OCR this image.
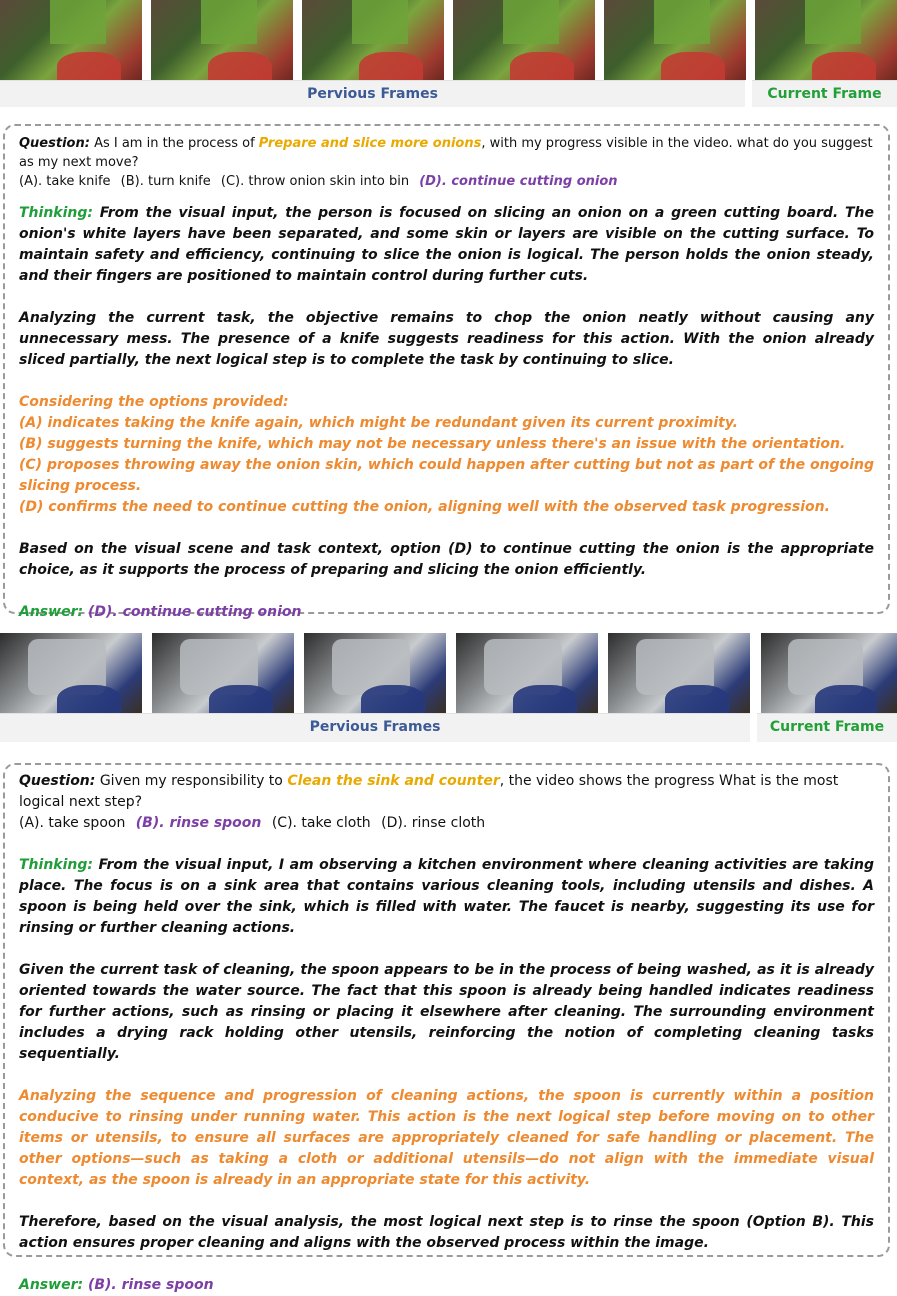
Pervious Frames	Current Frame

Question: As I am in the process of Prepare and slice more onions, with my progress visible in the video. what do you suggest as my next move?

(A). take knife (B). turn knife (C). throw onion skin into bin (D). continue cutting onion

Thinking: From the visual input, the person is focused on slicing an onion on a green cutting board. The onion's white layers have been separated, and some skin or layers are visible on the cutting surface. To maintain safety and efficiency, continuing to slice the onion is logical. The person holds the onion steady, and their fingers are positioned to maintain control during further cuts.

Analyzing the current task, the objective remains to chop the onion neatly without causing any unnecessary mess. The presence of a knife suggests readiness for this action. With the onion already sliced partially, the next logical step is to complete the task by continuing to slice.

Considering the options provided:

(A) indicates taking the knife again, which might be redundant given its current proximity.

(B) suggests turning the knife, which may not be necessary unless there's an issue with the orientation.

(C) proposes throwing away the onion skin, which could happen after cutting but not as part of the ongoing slicing process.

(D) confirms the need to continue cutting the onion, aligning well with the observed task progression.

Based on the visual scene and task context, option (D) to continue cutting the onion is the appropriate choice, as it supports the process of preparing and slicing the onion efficiently.

Answer: (D). continue cutting onion

Pervious Frames	Current Frame

Question: Given my responsibility to Clean the sink and counter, the video shows the progress What is the most logical next step?

(A). take spoon (B). rinse spoon (C). take cloth (D). rinse cloth

Thinking: From the visual input, I am observing a kitchen environment where cleaning activities are taking place. The focus is on a sink area that contains various cleaning tools, including utensils and dishes. A spoon is being held over the sink, which is filled with water. The faucet is nearby, suggesting its use for rinsing or further cleaning actions.

Given the current task of cleaning, the spoon appears to be in the process of being washed, as it is already oriented towards the water source. The fact that this spoon is already being handled indicates readiness for further actions, such as rinsing or placing it elsewhere after cleaning. The surrounding environment includes a drying rack holding other utensils, reinforcing the notion of completing cleaning tasks sequentially.

Analyzing the sequence and progression of cleaning actions, the spoon is currently within a position conducive to rinsing under running water. This action is the next logical step before moving on to other items or utensils, to ensure all surfaces are appropriately cleaned for safe handling or placement. The other options—such as taking a cloth or additional utensils—do not align with the immediate visual context, as the spoon is already in an appropriate state for this activity.

Therefore, based on the visual analysis, the most logical next step is to rinse the spoon (Option B). This action ensures proper cleaning and aligns with the observed process within the image.

Answer: (B). rinse spoon
